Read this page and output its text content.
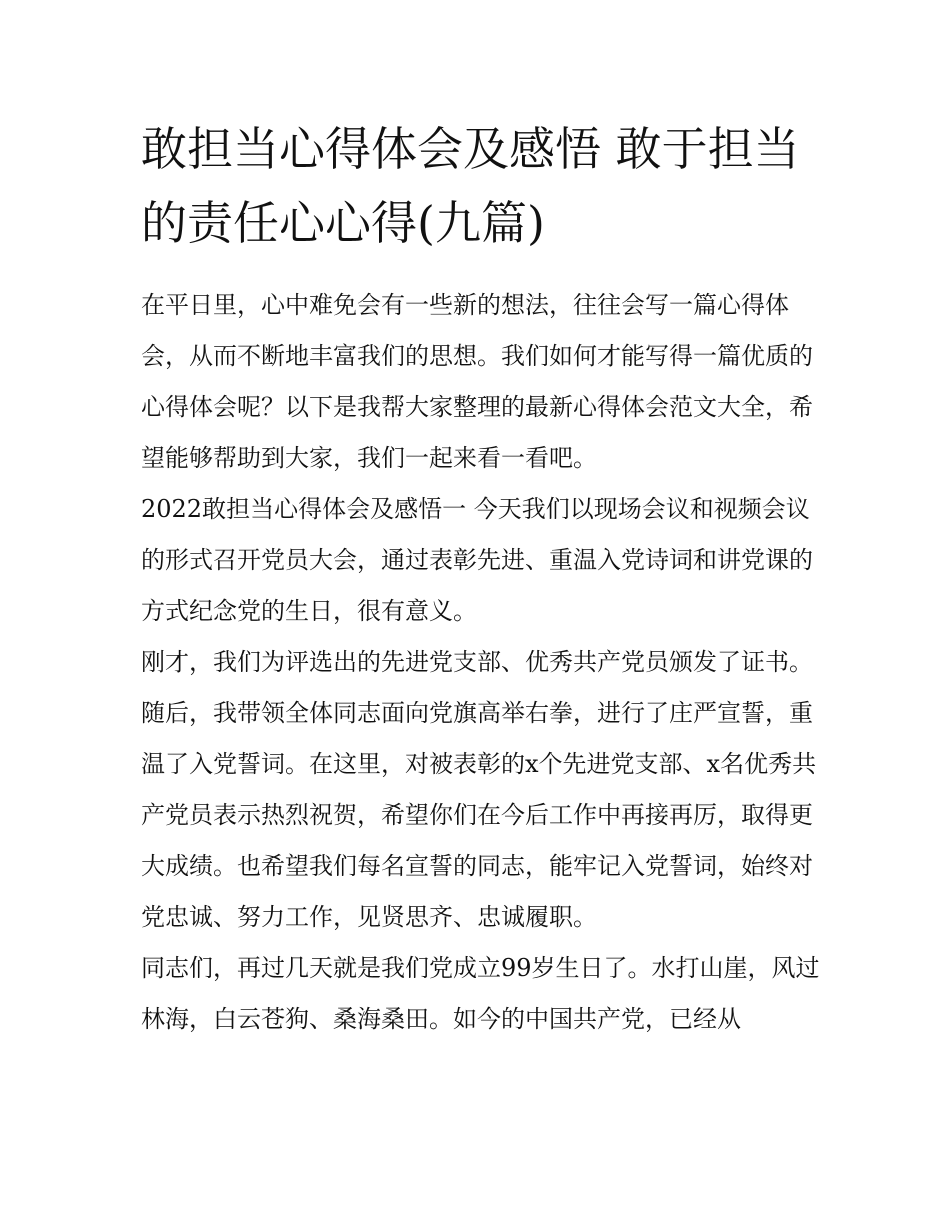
敢担当心得体会及感悟 敢于担当的责任心心得(九篇)

在平日里，心中难免会有一些新的想法，往往会写一篇心得体会，从而不断地丰富我们的思想。我们如何才能写得一篇优质的心得体会呢？以下是我帮大家整理的最新心得体会范文大全，希望能够帮助到大家，我们一起来看一看吧。

2022敢担当心得体会及感悟一 今天我们以现场会议和视频会议的形式召开党员大会，通过表彰先进、重温入党诗词和讲党课的方式纪念党的生日，很有意义。

刚才，我们为评选出的先进党支部、优秀共产党员颁发了证书。随后，我带领全体同志面向党旗高举右拳，进行了庄严宣誓，重温了入党誓词。在这里，对被表彰的x个先进党支部、x名优秀共产党员表示热烈祝贺，希望你们在今后工作中再接再厉，取得更大成绩。也希望我们每名宣誓的同志，能牢记入党誓词，始终对党忠诚、努力工作，见贤思齐、忠诚履职。

同志们，再过几天就是我们党成立99岁生日了。水打山崖，风过林海，白云苍狗、桑海桑田。如今的中国共产党，已经从
